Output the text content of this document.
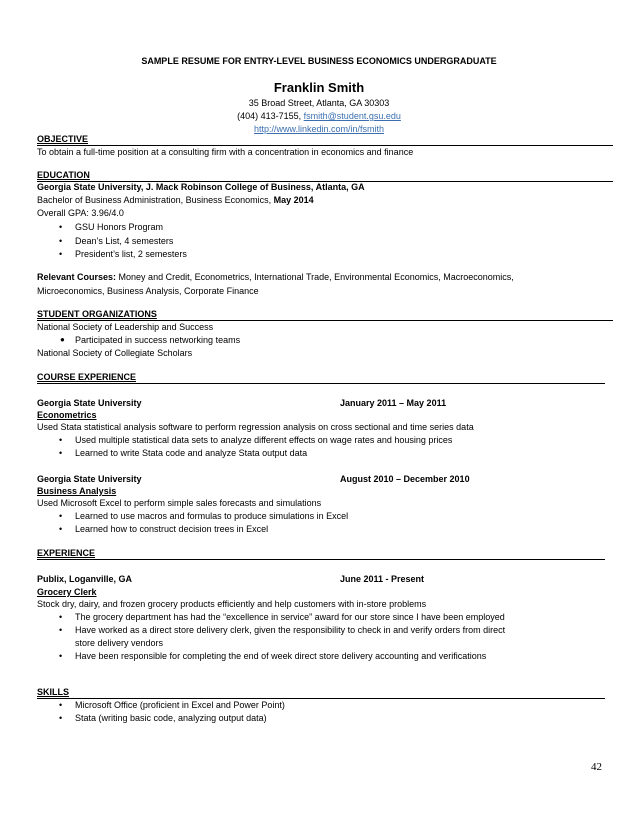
SAMPLE RESUME FOR ENTRY-LEVEL BUSINESS ECONOMICS UNDERGRADUATE
Franklin Smith
35 Broad Street, Atlanta, GA 30303
(404) 413-7155, fsmith@student.gsu.edu
http://www.linkedin.com/in/fsmith
OBJECTIVE
To obtain a full-time position at a consulting firm with a concentration in economics and finance
EDUCATION
Georgia State University, J. Mack Robinson College of Business, Atlanta, GA
Bachelor of Business Administration, Business Economics, May 2014
Overall GPA: 3.96/4.0
• GSU Honors Program
• Dean’s List, 4 semesters
• President’s list, 2 semesters
Relevant Courses: Money and Credit, Econometrics, International Trade, Environmental Economics, Macroeconomics,
Microeconomics, Business Analysis, Corporate Finance
STUDENT ORGANIZATIONS
National Society of Leadership and Success
● Participated in success networking teams
National Society of Collegiate Scholars
COURSE EXPERIENCE
Georgia State University	January 2011 – May 2011
Econometrics
Used Stata statistical analysis software to perform regression analysis on cross sectional and time series data
• Used multiple statistical data sets to analyze different effects on wage rates and housing prices
• Learned to write Stata code and analyze Stata output data
Georgia State University	August 2010 – December 2010
Business Analysis
Used Microsoft Excel to perform simple sales forecasts and simulations
• Learned to use macros and formulas to produce simulations in Excel
• Learned how to construct decision trees in Excel
EXPERIENCE
Publix, Loganville, GA	June 2011 - Present
Grocery Clerk
Stock dry, dairy, and frozen grocery products efficiently and help customers with in-store problems
• The grocery department has had the “excellence in service” award for our store since I have been employed
• Have worked as a direct store delivery clerk, given the responsibility to check in and verify orders from direct
store delivery vendors
• Have been responsible for completing the end of week direct store delivery accounting and verifications
SKILLS
• Microsoft Office (proficient in Excel and Power Point)
• Stata (writing basic code, analyzing output data)
42
